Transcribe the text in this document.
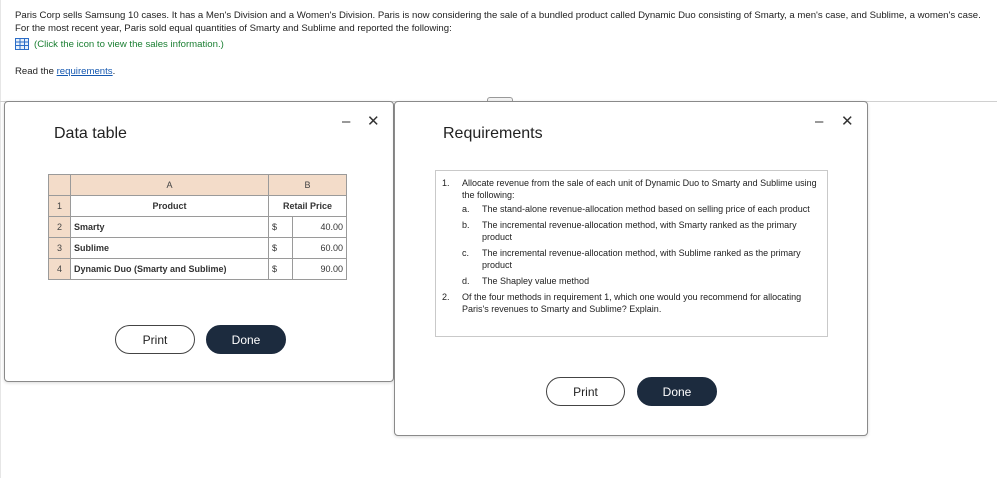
Paris Corp sells Samsung 10 cases. It has a Men's Division and a Women's Division. Paris is now considering the sale of a bundled product called Dynamic Duo consisting of Smarty, a men's case, and Sublime, a women's case. For the most recent year, Paris sold equal quantities of Smarty and Sublime and reported the following:
(Click the icon to view the sales information.)
Read the requirements.
Data table
– ✕
	A	B	
1	Product	Retail Price	
2	Smarty	$	40.00
3	Sublime	$	60.00
4	Dynamic Duo (Smarty and Sublime)	$	90.00
Print	Done
Requirements
– ✕
1. Allocate revenue from the sale of each unit of Dynamic Duo to Smarty and Sublime using the following:
a. The stand-alone revenue-allocation method based on selling price of each product
b. The incremental revenue-allocation method, with Smarty ranked as the primary product
c. The incremental revenue-allocation method, with Sublime ranked as the primary product
d. The Shapley value method
2. Of the four methods in requirement 1, which one would you recommend for allocating Paris's revenues to Smarty and Sublime? Explain.
Print	Done
